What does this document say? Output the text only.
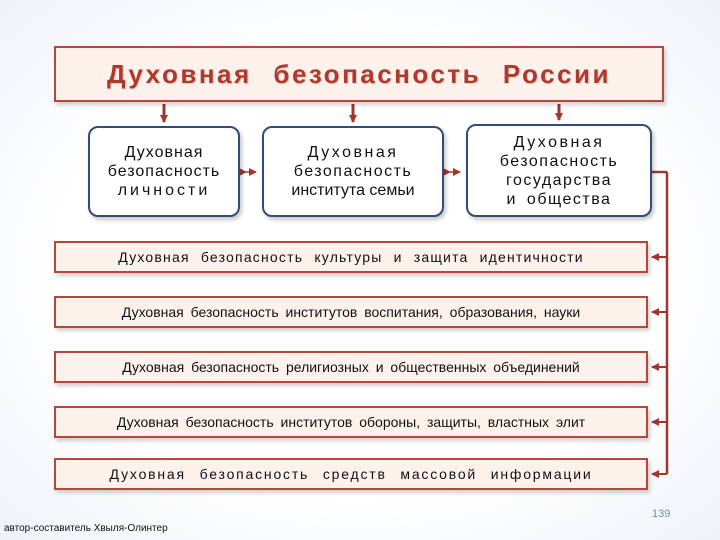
Духовная безопасность России
Духовная
безопасность
личности
Духовная
безопасность
института семьи
Духовная
безопасность
государства
и общества
Духовная безопасность культуры и защита идентичности
Духовная безопасность институтов воспитания, образования, науки
Духовная безопасность религиозных и общественных объединений
Духовная безопасность институтов обороны, защиты, властных элит
Духовная безопасность средств массовой информации
139
автор-составитель Хвыля-Олинтер
